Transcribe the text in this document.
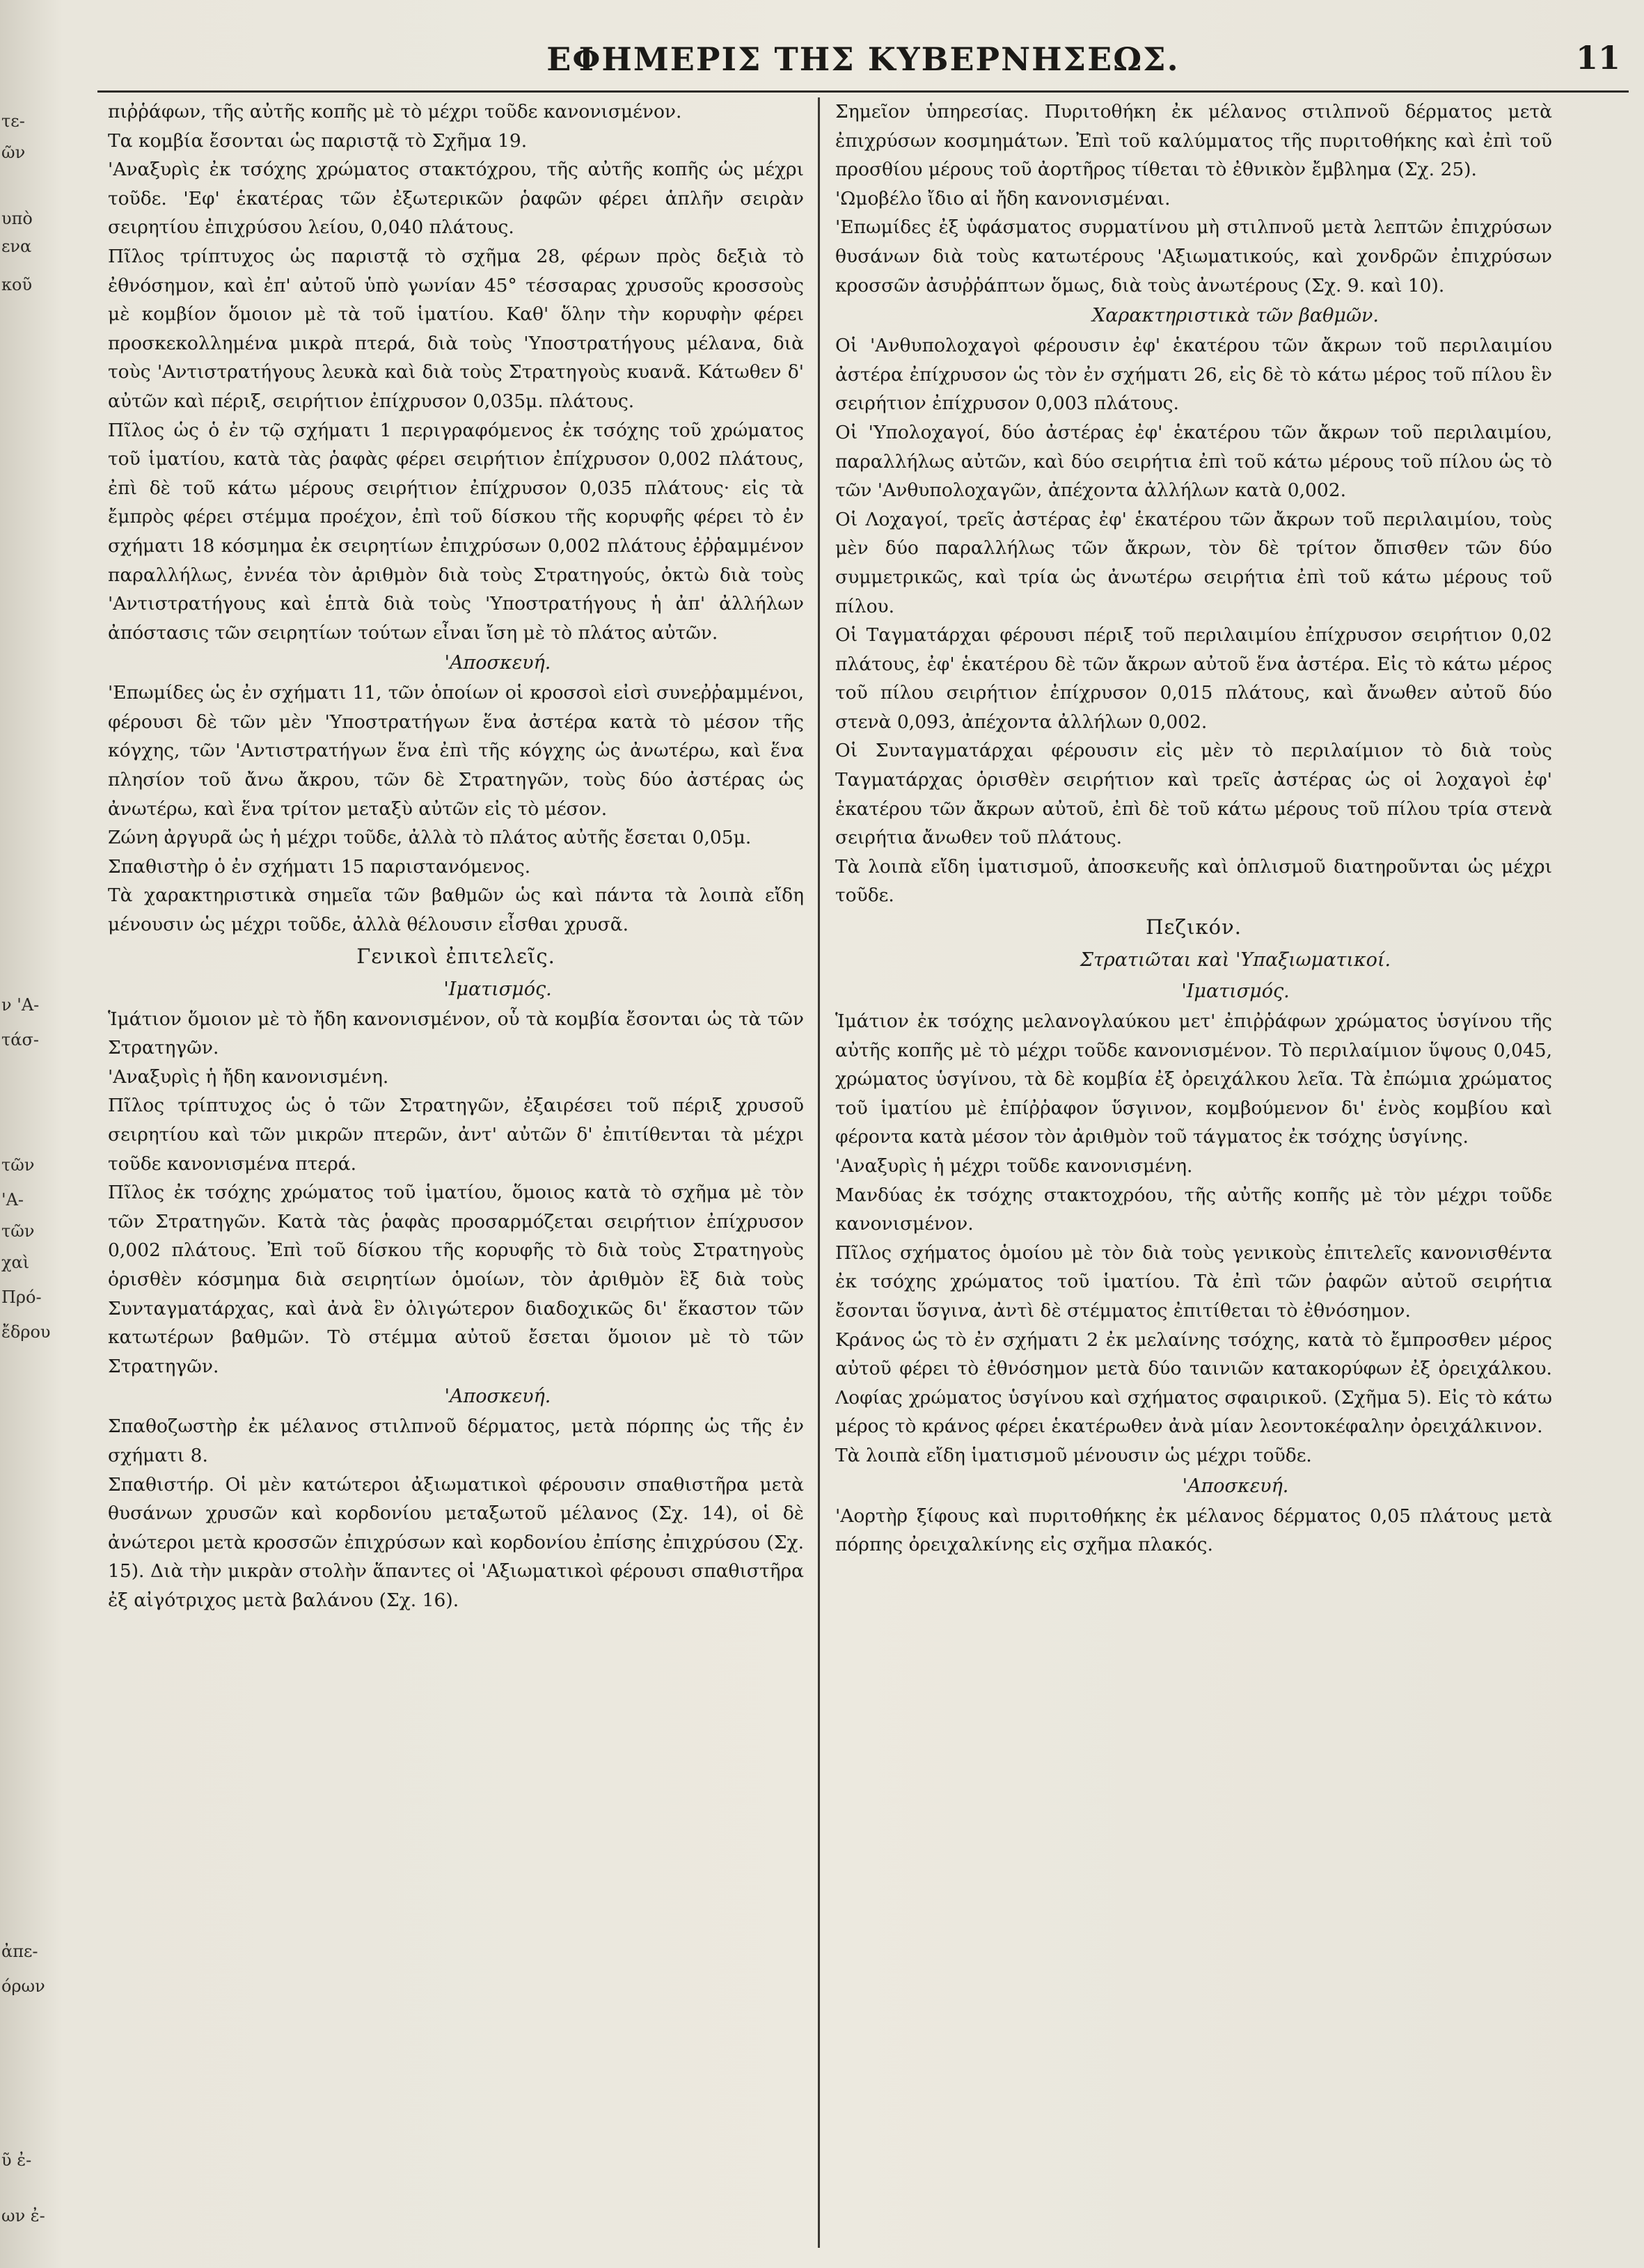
τε-
ῶν
υπὸ
ενα
κοῦ
ν 'Α-
τάσ-
τῶν
'Α-
τῶν
χαὶ
Πρό-
ἔδρου
ἀπε-
όρων
ῦ ἐ-
ων ἐ-
ΕΦΗΜΕΡΙΣ ΤΗΣ ΚΥΒΕΡΝΗΣΕΩΣ.	11

πιῤῥάφων, τῆς αὐτῆς κοπῆς μὲ τὸ μέχρι τοῦδε κανονισμένον.

Τα κομβία ἔσονται ὡς παριστᾷ τὸ Σχῆμα 19.

'Αναξυρὶς ἐκ τσόχης χρώματος στακτόχρου, τῆς αὐτῆς κοπῆς ὡς μέχρι τοῦδε. 'Εφ' ἑκατέρας τῶν ἐξωτερικῶν ῥαφῶν φέρει ἁπλῆν σειρὰν σειρητίου ἐπιχρύσου λείου, 0,040 πλάτους.

Πῖλος τρίπτυχος ὡς παριστᾷ τὸ σχῆμα 28, φέρων πρὸς δεξιὰ τὸ ἐθνόσημον, καὶ ἐπ' αὐτοῦ ὑπὸ γωνίαν 45° τέσσαρας χρυσοῦς κροσσοὺς μὲ κομβίον ὅμοιον μὲ τὰ τοῦ ἱματίου. Καθ' ὅλην τὴν κορυφὴν φέρει προσκεκολλημένα μικρὰ πτερά, διὰ τοὺς 'Υποστρατήγους μέλανα, διὰ τοὺς 'Αντιστρατήγους λευκὰ καὶ διὰ τοὺς Στρατηγοὺς κυανᾶ. Κάτωθεν δ' αὐτῶν καὶ πέριξ, σειρήτιον ἐπίχρυσον 0,035μ. πλάτους.

Πῖλος ὡς ὁ ἐν τῷ σχήματι 1 περιγραφόμενος ἐκ τσόχης τοῦ χρώματος τοῦ ἱματίου, κατὰ τὰς ῥαφὰς φέρει σειρήτιον ἐπίχρυσον 0,002 πλάτους, ἐπὶ δὲ τοῦ κάτω μέρους σειρήτιον ἐπίχρυσον 0,035 πλάτους· εἰς τὰ ἔμπρὸς φέρει στέμμα προέχον, ἐπὶ τοῦ δίσκου τῆς κορυφῆς φέρει τὸ ἐν σχήματι 18 κόσμημα ἐκ σειρητίων ἐπιχρύσων 0,002 πλάτους ἐῤῥαμμένον παραλλήλως, ἐννέα τὸν ἀριθμὸν διὰ τοὺς Στρατηγούς, ὀκτὼ διὰ τοὺς 'Αντιστρατήγους καὶ ἑπτὰ διὰ τοὺς 'Υποστρατήγους ἡ ἀπ' ἀλλήλων ἀπόστασις τῶν σειρητίων τούτων εἶναι ἴση μὲ τὸ πλάτος αὐτῶν.

'Αποσκευή.

'Επωμίδες ὡς ἐν σχήματι 11, τῶν ὁποίων οἱ κροσσοὶ εἰσὶ συνεῤῥαμμένοι, φέρουσι δὲ τῶν μὲν 'Υποστρατήγων ἕνα ἀστέρα κατὰ τὸ μέσον τῆς κόγχης, τῶν 'Αντιστρατήγων ἕνα ἐπὶ τῆς κόγχης ὡς ἀνωτέρω, καὶ ἕνα πλησίον τοῦ ἄνω ἄκρου, τῶν δὲ Στρατηγῶν, τοὺς δύο ἀστέρας ὡς ἀνωτέρω, καὶ ἕνα τρίτον μεταξὺ αὐτῶν εἰς τὸ μέσον.

Ζώνη ἀργυρᾶ ὡς ἡ μέχρι τοῦδε, ἀλλὰ τὸ πλάτος αὐτῆς ἔσεται 0,05μ.

Σπαθιστὴρ ὁ ἐν σχήματι 15 παριστανόμενος.

Τὰ χαρακτηριστικὰ σημεῖα τῶν βαθμῶν ὡς καὶ πάντα τὰ λοιπὰ εἴδη μένουσιν ὡς μέχρι τοῦδε, ἀλλὰ θέλουσιν εἶσθαι χρυσᾶ.

Γενικοὶ ἐπιτελεῖς.

'Ιματισμός.

Ἱμάτιον ὅμοιον μὲ τὸ ἤδη κανονισμένον, οὗ τὰ κομβία ἔσονται ὡς τὰ τῶν Στρατηγῶν.

'Αναξυρὶς ἡ ἤδη κανονισμένη.

Πῖλος τρίπτυχος ὡς ὁ τῶν Στρατηγῶν, ἐξαιρέσει τοῦ πέριξ χρυσοῦ σειρητίου καὶ τῶν μικρῶν πτερῶν, ἀντ' αὐτῶν δ' ἐπιτίθενται τὰ μέχρι τοῦδε κανονισμένα πτερά.

Πῖλος ἐκ τσόχης χρώματος τοῦ ἱματίου, ὅμοιος κατὰ τὸ σχῆμα μὲ τὸν τῶν Στρατηγῶν. Κατὰ τὰς ῥαφὰς προσαρμόζεται σειρήτιον ἐπίχρυσον 0,002 πλάτους. Ἐπὶ τοῦ δίσκου τῆς κορυφῆς τὸ διὰ τοὺς Στρατηγοὺς ὁρισθὲν κόσμημα διὰ σειρητίων ὁμοίων, τὸν ἀριθμὸν ἓξ διὰ τοὺς Συνταγματάρχας, καὶ ἀνὰ ἓν ὀλιγώτερον διαδοχικῶς δι' ἕκαστον τῶν κατωτέρων βαθμῶν. Τὸ στέμμα αὐτοῦ ἔσεται ὅμοιον μὲ τὸ τῶν Στρατηγῶν.

'Αποσκευή.

Σπαθοζωστὴρ ἐκ μέλανος στιλπνοῦ δέρματος, μετὰ πόρπης ὡς τῆς ἐν σχήματι 8.

Σπαθιστήρ. Οἱ μὲν κατώτεροι ἀξιωματικοὶ φέρουσιν σπαθιστῆρα μετὰ θυσάνων χρυσῶν καὶ κορδονίου μεταξωτοῦ μέλανος (Σχ. 14), οἱ δὲ ἀνώτεροι μετὰ κροσσῶν ἐπιχρύσων καὶ κορδονίου ἐπίσης ἐπιχρύσου (Σχ. 15). Διὰ τὴν μικρὰν στολὴν ἅπαντες οἱ 'Αξιωματικοὶ φέρουσι σπαθιστῆρα ἐξ αἰγότριχος μετὰ βαλάνου (Σχ. 16).

Σημεῖον ὑπηρεσίας. Πυριτοθήκη ἐκ μέλανος στιλπνοῦ δέρματος μετὰ ἐπιχρύσων κοσμημάτων. Ἐπὶ τοῦ καλύμματος τῆς πυριτοθήκης καὶ ἐπὶ τοῦ προσθίου μέρους τοῦ ἀορτῆρος τίθεται τὸ ἐθνικὸν ἔμβλημα (Σχ. 25).

'Ωμοβέλο ἴδιο αἱ ἤδη κανονισμέναι.

'Επωμίδες ἐξ ὑφάσματος συρματίνου μὴ στιλπνοῦ μετὰ λεπτῶν ἐπιχρύσων θυσάνων διὰ τοὺς κατωτέρους 'Αξιωματικούς, καὶ χονδρῶν ἐπιχρύσων κροσσῶν ἀσυῤῥάπτων ὅμως, διὰ τοὺς ἀνωτέρους (Σχ. 9. καὶ 10).

Χαρακτηριστικὰ τῶν βαθμῶν.

Οἱ 'Ανθυπολοχαγοὶ φέρουσιν ἐφ' ἑκατέρου τῶν ἄκρων τοῦ περιλαιμίου ἀστέρα ἐπίχρυσον ὡς τὸν ἐν σχήματι 26, εἰς δὲ τὸ κάτω μέρος τοῦ πίλου ἓν σειρήτιον ἐπίχρυσον 0,003 πλάτους.

Οἱ 'Υπολοχαγοί, δύο ἀστέρας ἐφ' ἑκατέρου τῶν ἄκρων τοῦ περιλαιμίου, παραλλήλως αὐτῶν, καὶ δύο σειρήτια ἐπὶ τοῦ κάτω μέρους τοῦ πίλου ὡς τὸ τῶν 'Ανθυπολοχαγῶν, ἀπέχοντα ἀλλήλων κατὰ 0,002.

Οἱ Λοχαγοί, τρεῖς ἀστέρας ἐφ' ἑκατέρου τῶν ἄκρων τοῦ περιλαιμίου, τοὺς μὲν δύο παραλλήλως τῶν ἄκρων, τὸν δὲ τρίτον ὄπισθεν τῶν δύο συμμετρικῶς, καὶ τρία ὡς ἀνωτέρω σειρήτια ἐπὶ τοῦ κάτω μέρους τοῦ πίλου.

Οἱ Ταγματάρχαι φέρουσι πέριξ τοῦ περιλαιμίου ἐπίχρυσον σειρήτιον 0,02 πλάτους, ἐφ' ἑκατέρου δὲ τῶν ἄκρων αὐτοῦ ἕνα ἀστέρα. Εἰς τὸ κάτω μέρος τοῦ πίλου σειρήτιον ἐπίχρυσον 0,015 πλάτους, καὶ ἄνωθεν αὐτοῦ δύο στενὰ 0,093, ἀπέχοντα ἀλλήλων 0,002.

Οἱ Συνταγματάρχαι φέρουσιν εἰς μὲν τὸ περιλαίμιον τὸ διὰ τοὺς Ταγματάρχας ὁρισθὲν σειρήτιον καὶ τρεῖς ἀστέρας ὡς οἱ λοχαγοὶ ἐφ' ἑκατέρου τῶν ἄκρων αὐτοῦ, ἐπὶ δὲ τοῦ κάτω μέρους τοῦ πίλου τρία στενὰ σειρήτια ἄνωθεν τοῦ πλάτους.

Τὰ λοιπὰ εἴδη ἱματισμοῦ, ἀποσκευῆς καὶ ὁπλισμοῦ διατηροῦνται ὡς μέχρι τοῦδε.

Πεζικόν.

Στρατιῶται καὶ 'Υπαξιωματικοί.

'Ιματισμός.

Ἱμάτιον ἐκ τσόχης μελανογλαύκου μετ' ἐπιῤῥάφων χρώματος ὑσγίνου τῆς αὐτῆς κοπῆς μὲ τὸ μέχρι τοῦδε κανονισμένον. Τὸ περιλαίμιον ὕψους 0,045, χρώματος ὑσγίνου, τὰ δὲ κομβία ἐξ ὀρειχάλκου λεῖα. Τὰ ἐπώμια χρώματος τοῦ ἱματίου μὲ ἐπίῤῥαφον ὕσγινον, κομβούμενον δι' ἑνὸς κομβίου καὶ φέροντα κατὰ μέσον τὸν ἀριθμὸν τοῦ τάγματος ἐκ τσόχης ὑσγίνης.

'Αναξυρὶς ἡ μέχρι τοῦδε κανονισμένη.

Μανδύας ἐκ τσόχης στακτοχρόου, τῆς αὐτῆς κοπῆς μὲ τὸν μέχρι τοῦδε κανονισμένον.

Πῖλος σχήματος ὁμοίου μὲ τὸν διὰ τοὺς γενικοὺς ἐπιτελεῖς κανονισθέντα ἐκ τσόχης χρώματος τοῦ ἱματίου. Τὰ ἐπὶ τῶν ῥαφῶν αὐτοῦ σειρήτια ἔσονται ὕσγινα, ἀντὶ δὲ στέμματος ἐπιτίθεται τὸ ἐθνόσημον.

Κράνος ὡς τὸ ἐν σχήματι 2 ἐκ μελαίνης τσόχης, κατὰ τὸ ἔμπροσθεν μέρος αὐτοῦ φέρει τὸ ἐθνόσημον μετὰ δύο ταινιῶν κατακορύφων ἐξ ὀρειχάλκου. Λοφίας χρώματος ὑσγίνου καὶ σχήματος σφαιρικοῦ. (Σχῆμα 5). Εἰς τὸ κάτω μέρος τὸ κράνος φέρει ἑκατέρωθεν ἀνὰ μίαν λεοντοκέφαλην ὀρειχάλκινον.

Τὰ λοιπὰ εἴδη ἱματισμοῦ μένουσιν ὡς μέχρι τοῦδε.

'Αποσκευή.

'Αορτὴρ ξίφους καὶ πυριτοθήκης ἐκ μέλανος δέρματος 0,05 πλάτους μετὰ πόρπης ὀρειχαλκίνης εἰς σχῆμα πλακός.
